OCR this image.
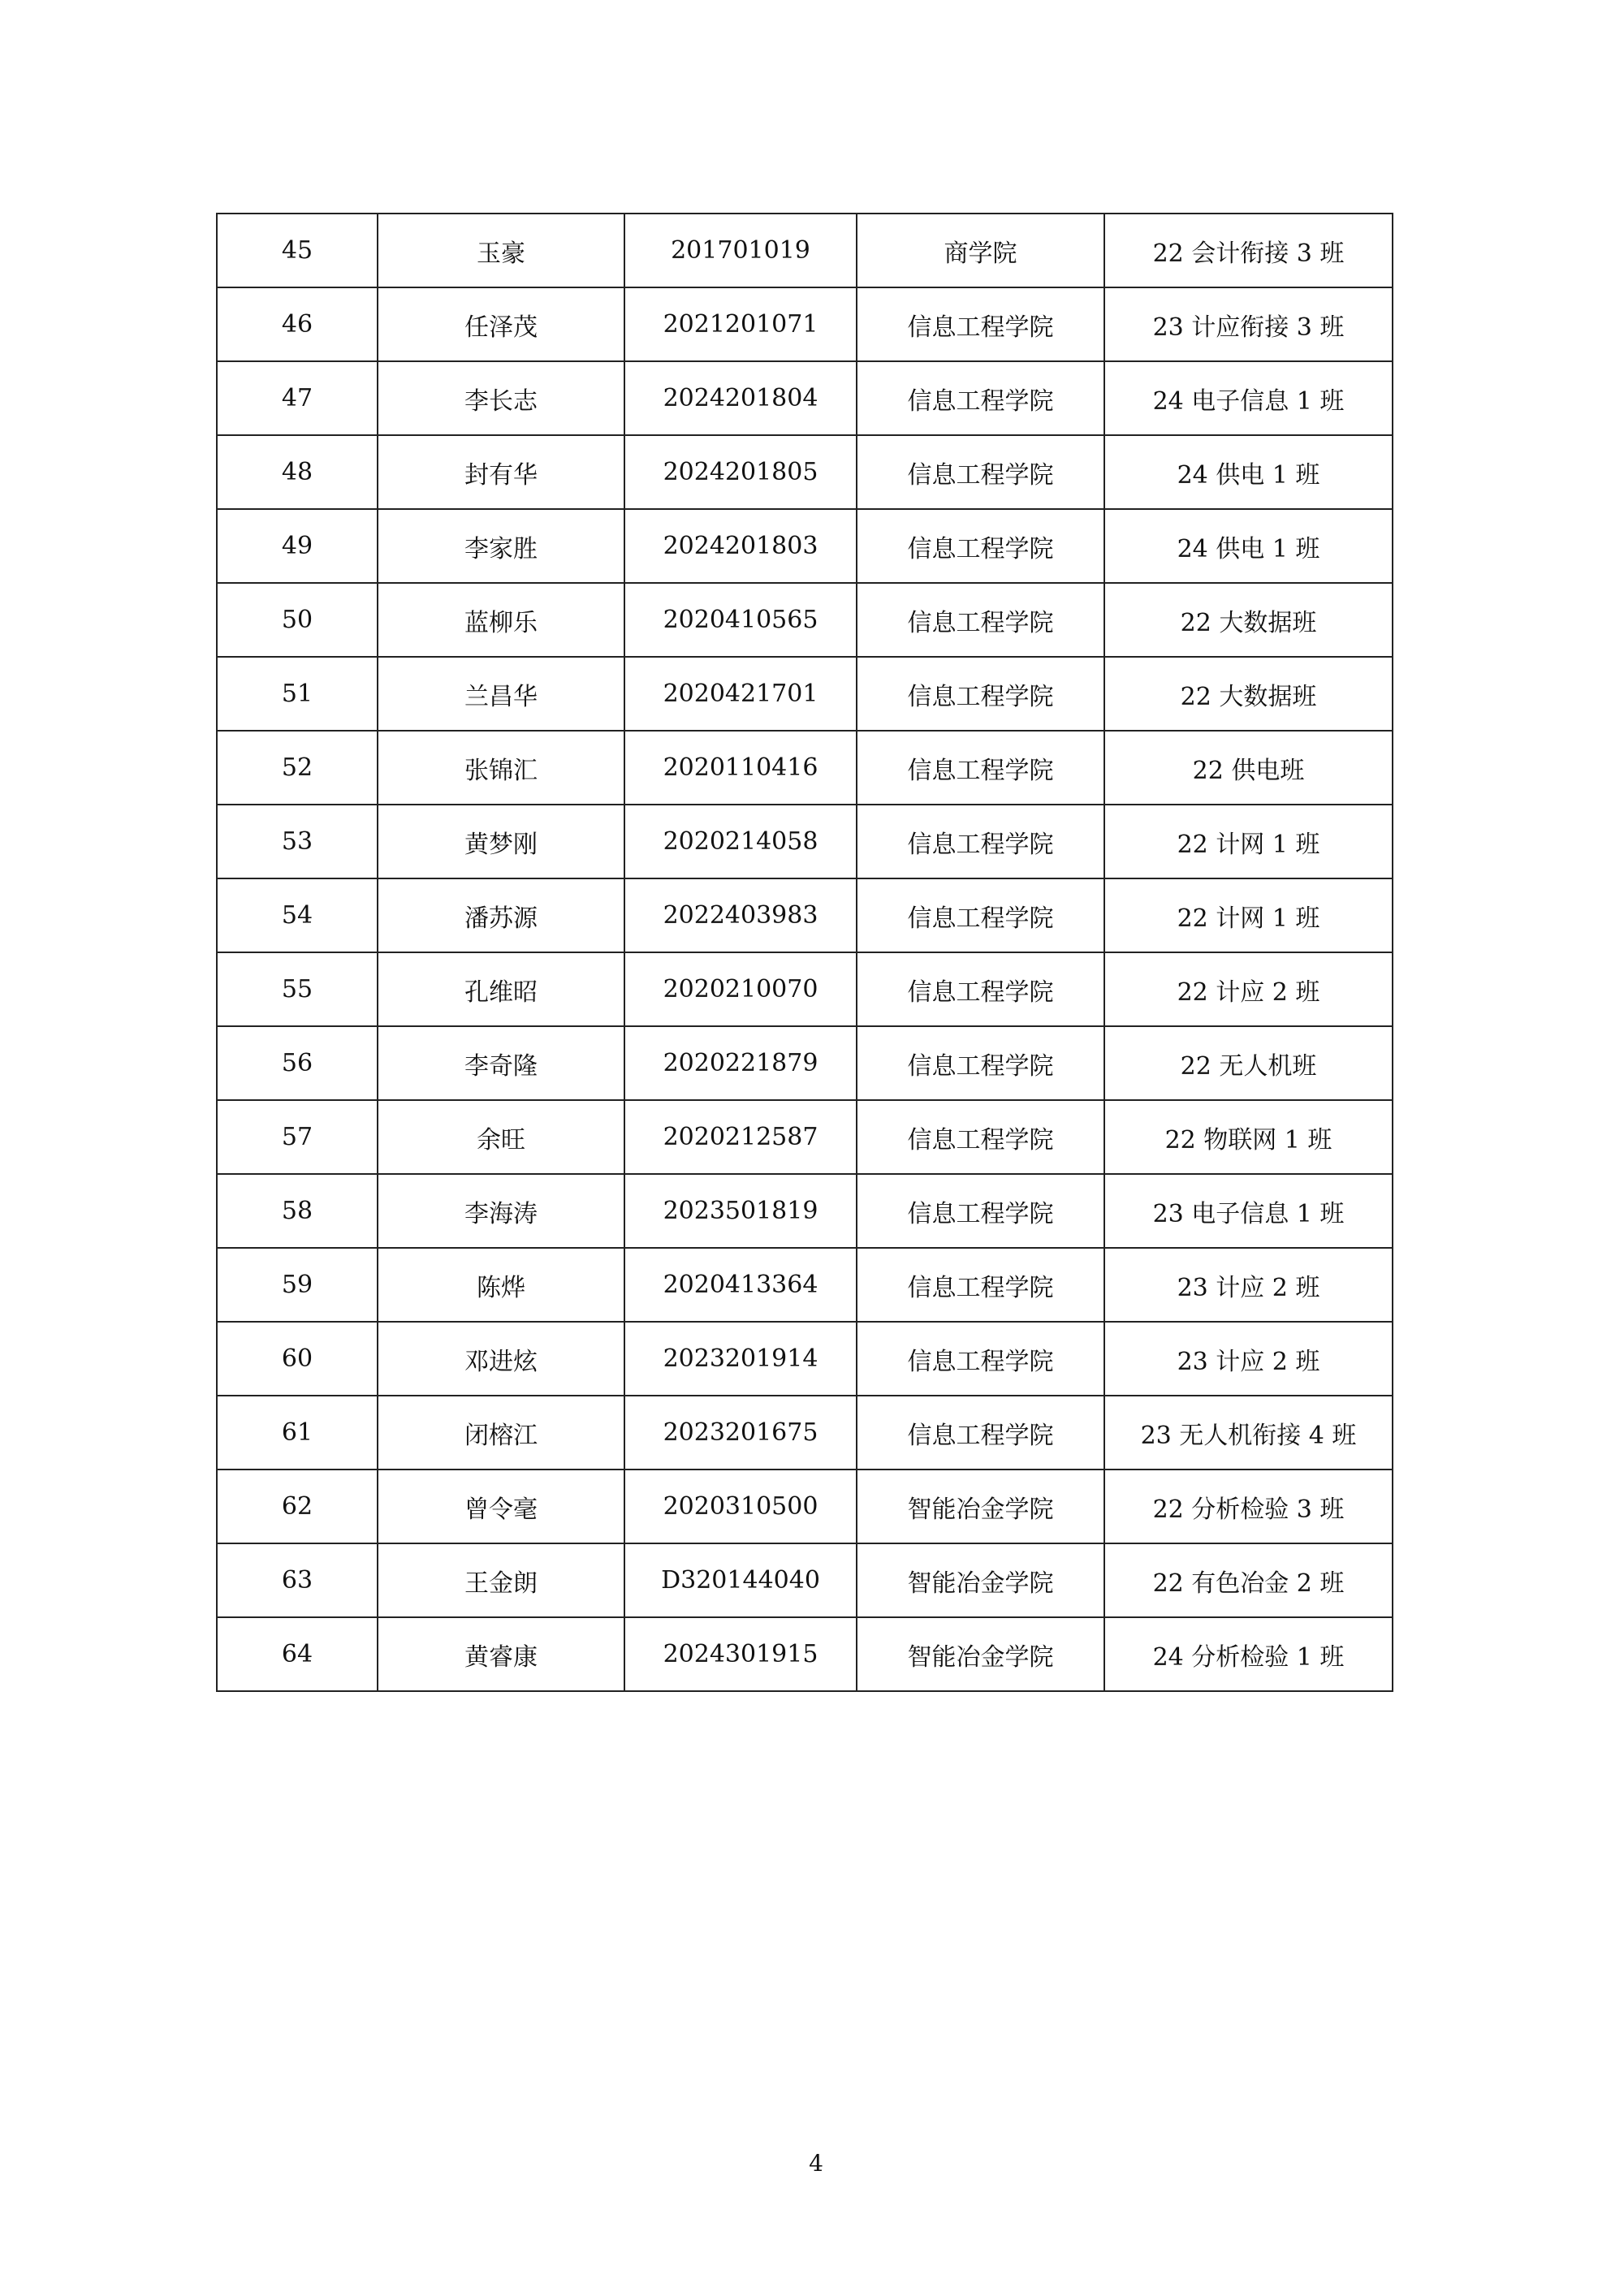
45	玉豪	201701019	商学院	22 会计衔接 3 班
46	任泽茂	2021201071	信息工程学院	23 计应衔接 3 班
47	李长志	2024201804	信息工程学院	24 电子信息 1 班
48	封有华	2024201805	信息工程学院	24 供电 1 班
49	李家胜	2024201803	信息工程学院	24 供电 1 班
50	蓝柳乐	2020410565	信息工程学院	22 大数据班
51	兰昌华	2020421701	信息工程学院	22 大数据班
52	张锦汇	2020110416	信息工程学院	22 供电班
53	黄梦刚	2020214058	信息工程学院	22 计网 1 班
54	潘苏源	2022403983	信息工程学院	22 计网 1 班
55	孔维昭	2020210070	信息工程学院	22 计应 2 班
56	李奇隆	2020221879	信息工程学院	22 无人机班
57	余旺	2020212587	信息工程学院	22 物联网 1 班
58	李海涛	2023501819	信息工程学院	23 电子信息 1 班
59	陈烨	2020413364	信息工程学院	23 计应 2 班
60	邓进炫	2023201914	信息工程学院	23 计应 2 班
61	闭榕江	2023201675	信息工程学院	23 无人机衔接 4 班
62	曾令毫	2020310500	智能冶金学院	22 分析检验 3 班
63	王金朗	D320144040	智能冶金学院	22 有色冶金 2 班
64	黄睿康	2024301915	智能冶金学院	24 分析检验 1 班
4
